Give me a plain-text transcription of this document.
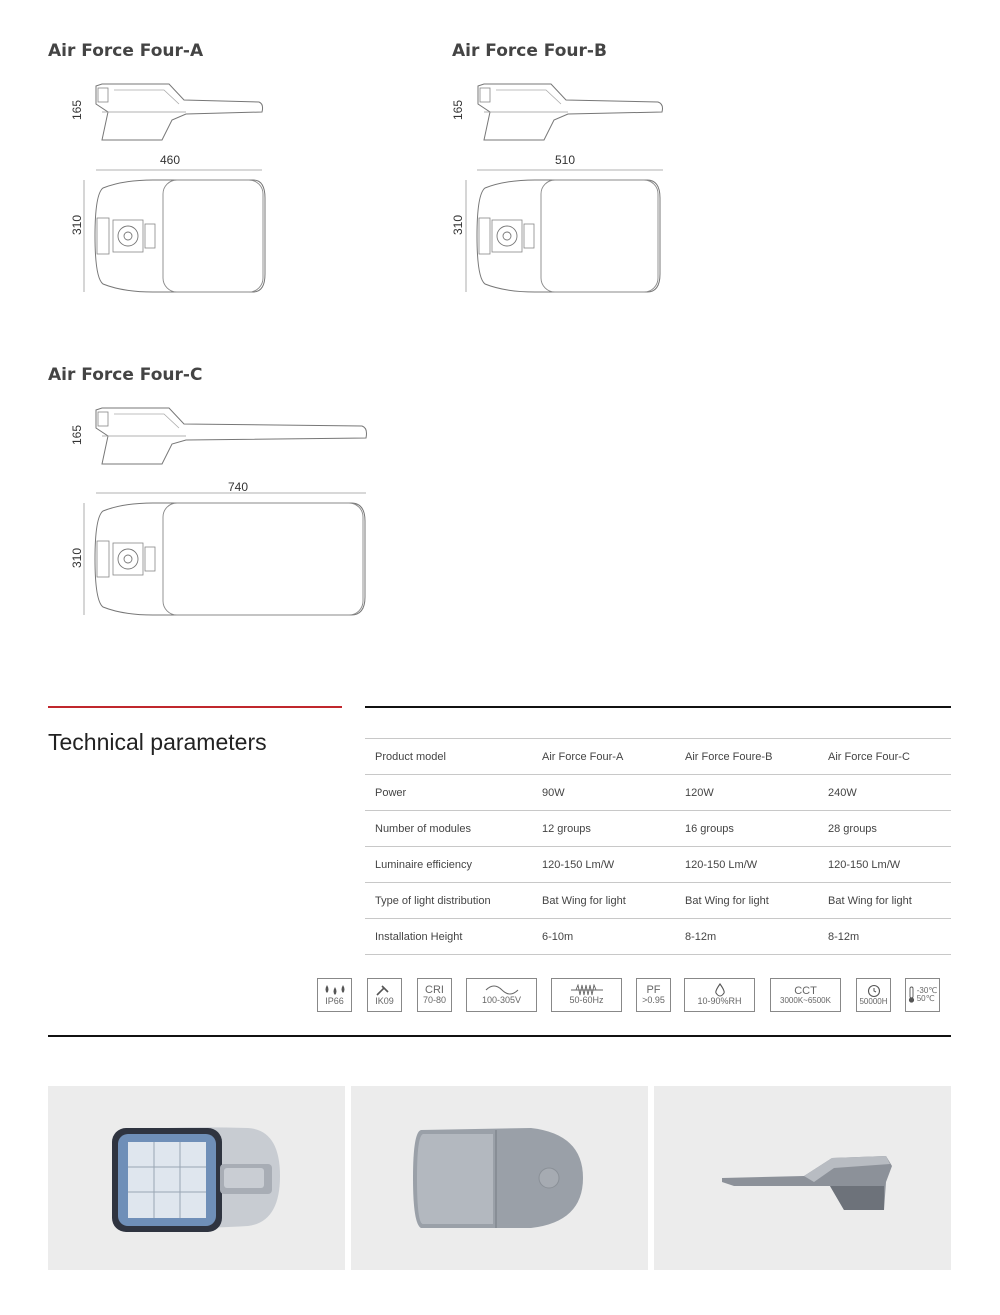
Air Force Four-A
165
460
310
Air Force Four-B
165
510
310
Air Force Four-C
165
740
310
Technical parameters
Product model	Air Force Four-A	Air Force Foure-B	Air Force Four-C
Power	90W	120W	240W
Number of modules	12 groups	16 groups	28 groups
Luminaire efficiency	120-150 Lm/W	120-150 Lm/W	120-150 Lm/W
Type of light distribution	Bat Wing for light	Bat Wing for light	Bat Wing for light
Installation Height	6-10m	8-12m	8-12m
IP66	IK09
CRI
70-80	100-305V	50-60Hz
PF
>0.95	10-90%RH
CCT
3000K~6500K	50000H
-30℃
50℃
